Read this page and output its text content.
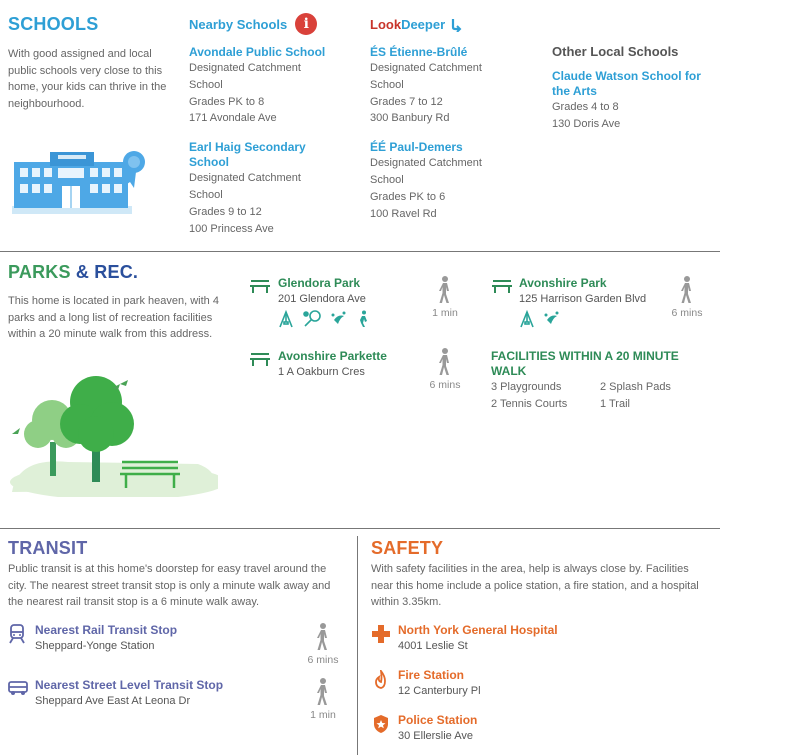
SCHOOLS
With good assigned and local public schools very close to this home, your kids can thrive in the neighbourhood.
Nearby Schools	i
Avondale Public School
Designated Catchment
School
Grades PK to 8
171 Avondale Ave
Earl Haig Secondary
School
Designated Catchment
School
Grades 9 to 12
100 Princess Ave
Look Deeper
ÉS Étienne-Brûlé
Designated Catchment
School
Grades 7 to 12
300 Banbury Rd
ÉÉ Paul-Demers
Designated Catchment
School
Grades PK to 6
100 Ravel Rd
Other Local Schools
Claude Watson School for
the Arts
Grades 4 to 8
130 Doris Ave
PARKS & REC.
This home is located in park heaven, with 4 parks and a long list of recreation facilities within a 20 minute walk from this address.
Glendora Park
201 Glendora Ave
1 min
Avonshire Park
125 Harrison Garden Blvd
6 mins
Avonshire Parkette
1 A Oakburn Cres
6 mins
FACILITIES WITHIN A 20 MINUTE
WALK
3 Playgrounds	2 Splash Pads
2 Tennis Courts	1 Trail
TRANSIT
Public transit is at this home's doorstep for easy travel around the city. The nearest street transit stop is only a minute walk away and the nearest rail transit stop is a 6 minute walk away.
Nearest Rail Transit Stop
Sheppard-Yonge Station
6 mins
Nearest Street Level Transit Stop
Sheppard Ave East At Leona Dr
1 min
SAFETY
With safety facilities in the area, help is always close by. Facilities near this home include a police station, a fire station, and a hospital within 3.35km.
North York General Hospital
4001 Leslie St
Fire Station
12 Canterbury Pl
Police Station
30 Ellerslie Ave
